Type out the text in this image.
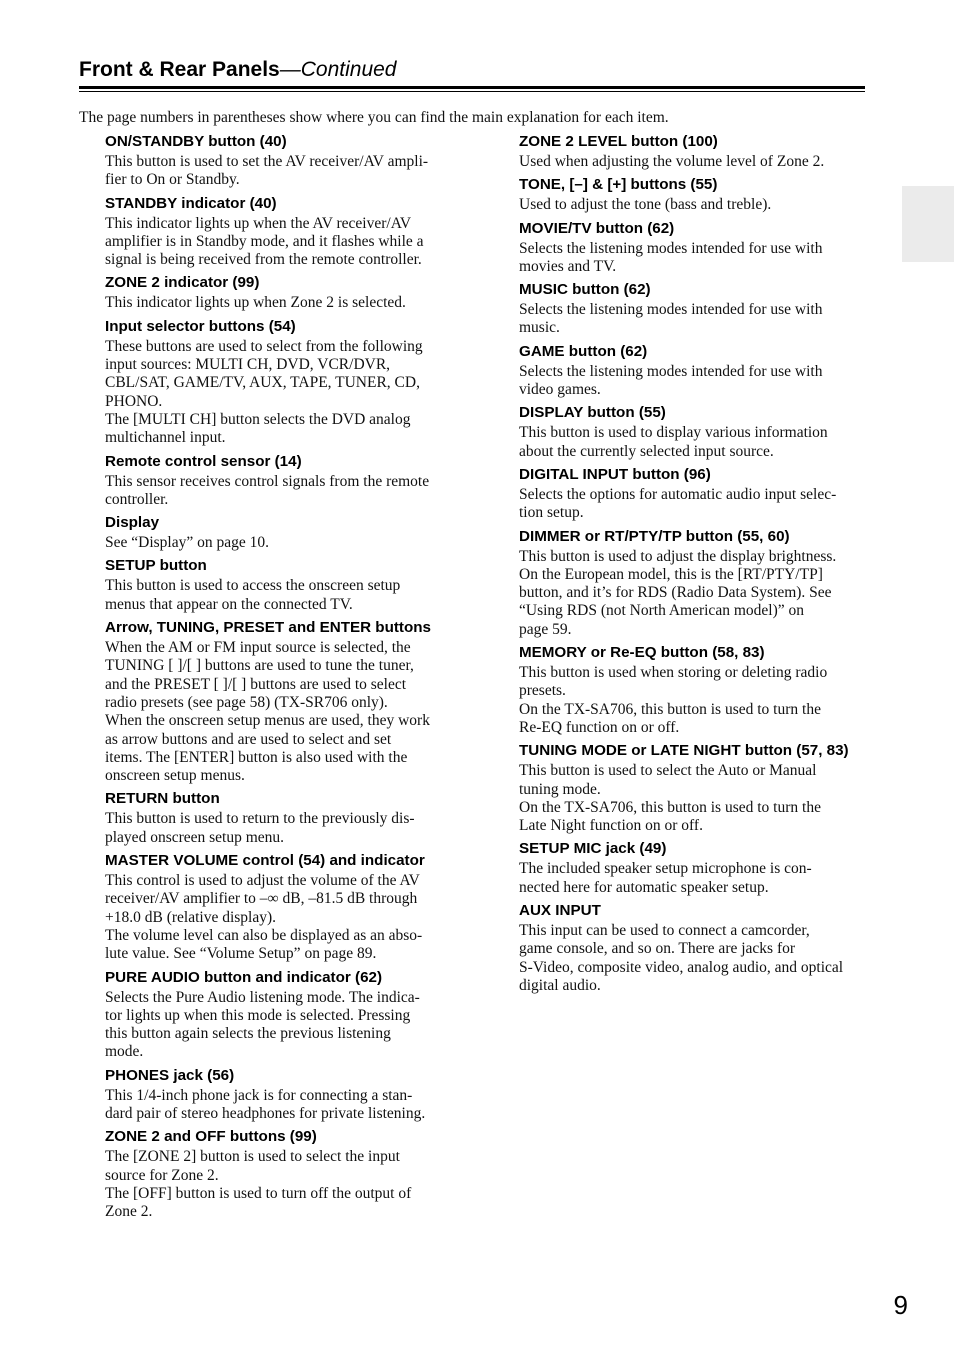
Front & Rear Panels—Continued
The page numbers in parentheses show where you can find the main explanation for each item.
ON/STANDBY button (40)

This button is used to set the AV receiver/AV ampli-
fier to On or Standby.

STANDBY indicator (40)

This indicator lights up when the AV receiver/AV
amplifier is in Standby mode, and it flashes while a
signal is being received from the remote controller.

ZONE 2 indicator (99)

This indicator lights up when Zone 2 is selected.

Input selector buttons (54)

These buttons are used to select from the following
input sources: MULTI CH, DVD, VCR/DVR,
CBL/SAT, GAME/TV, AUX, TAPE, TUNER, CD,
PHONO.
The [MULTI CH] button selects the DVD analog
multichannel input.

Remote control sensor (14)

This sensor receives control signals from the remote
controller.

Display

See “Display” on page 10.

SETUP button

This button is used to access the onscreen setup
menus that appear on the connected TV.

Arrow, TUNING, PRESET and ENTER buttons

When the AM or FM input source is selected, the
TUNING [ ]/[ ] buttons are used to tune the tuner,
and the PRESET [ ]/[ ] buttons are used to select
radio presets (see page 58) (TX-SR706 only).
When the onscreen setup menus are used, they work
as arrow buttons and are used to select and set
items. The [ENTER] button is also used with the
onscreen setup menus.

RETURN button

This button is used to return to the previously dis-
played onscreen setup menu.

MASTER VOLUME control (54) and indicator

This control is used to adjust the volume of the AV
receiver/AV amplifier to –∞ dB, –81.5 dB through
+18.0 dB (relative display).
The volume level can also be displayed as an abso-
lute value. See “Volume Setup” on page 89.

PURE AUDIO button and indicator (62)

Selects the Pure Audio listening mode. The indica-
tor lights up when this mode is selected. Pressing
this button again selects the previous listening
mode.

PHONES jack (56)

This 1/4-inch phone jack is for connecting a stan-
dard pair of stereo headphones for private listening.

ZONE 2 and OFF buttons (99)

The [ZONE 2] button is used to select the input
source for Zone 2.
The [OFF] button is used to turn off the output of
Zone 2.

ZONE 2 LEVEL button (100)

Used when adjusting the volume level of Zone 2.

TONE, [–] & [+] buttons (55)

Used to adjust the tone (bass and treble).

MOVIE/TV button (62)

Selects the listening modes intended for use with
movies and TV.

MUSIC button (62)

Selects the listening modes intended for use with
music.

GAME button (62)

Selects the listening modes intended for use with
video games.

DISPLAY button (55)

This button is used to display various information
about the currently selected input source.

DIGITAL INPUT button (96)

Selects the options for automatic audio input selec-
tion setup.

DIMMER or RT/PTY/TP button (55, 60)

This button is used to adjust the display brightness.
On the European model, this is the [RT/PTY/TP]
button, and it’s for RDS (Radio Data System). See
“Using RDS (not North American model)” on
page 59.

MEMORY or Re-EQ button (58, 83)

This button is used when storing or deleting radio
presets.
On the TX-SA706, this button is used to turn the
Re-EQ function on or off.

TUNING MODE or LATE NIGHT button (57, 83)

This button is used to select the Auto or Manual
tuning mode.
On the TX-SA706, this button is used to turn the
Late Night function on or off.

SETUP MIC jack (49)

The included speaker setup microphone is con-
nected here for automatic speaker setup.

AUX INPUT

This input can be used to connect a camcorder,
game console, and so on. There are jacks for
S-Video, composite video, analog audio, and optical
digital audio.

9
